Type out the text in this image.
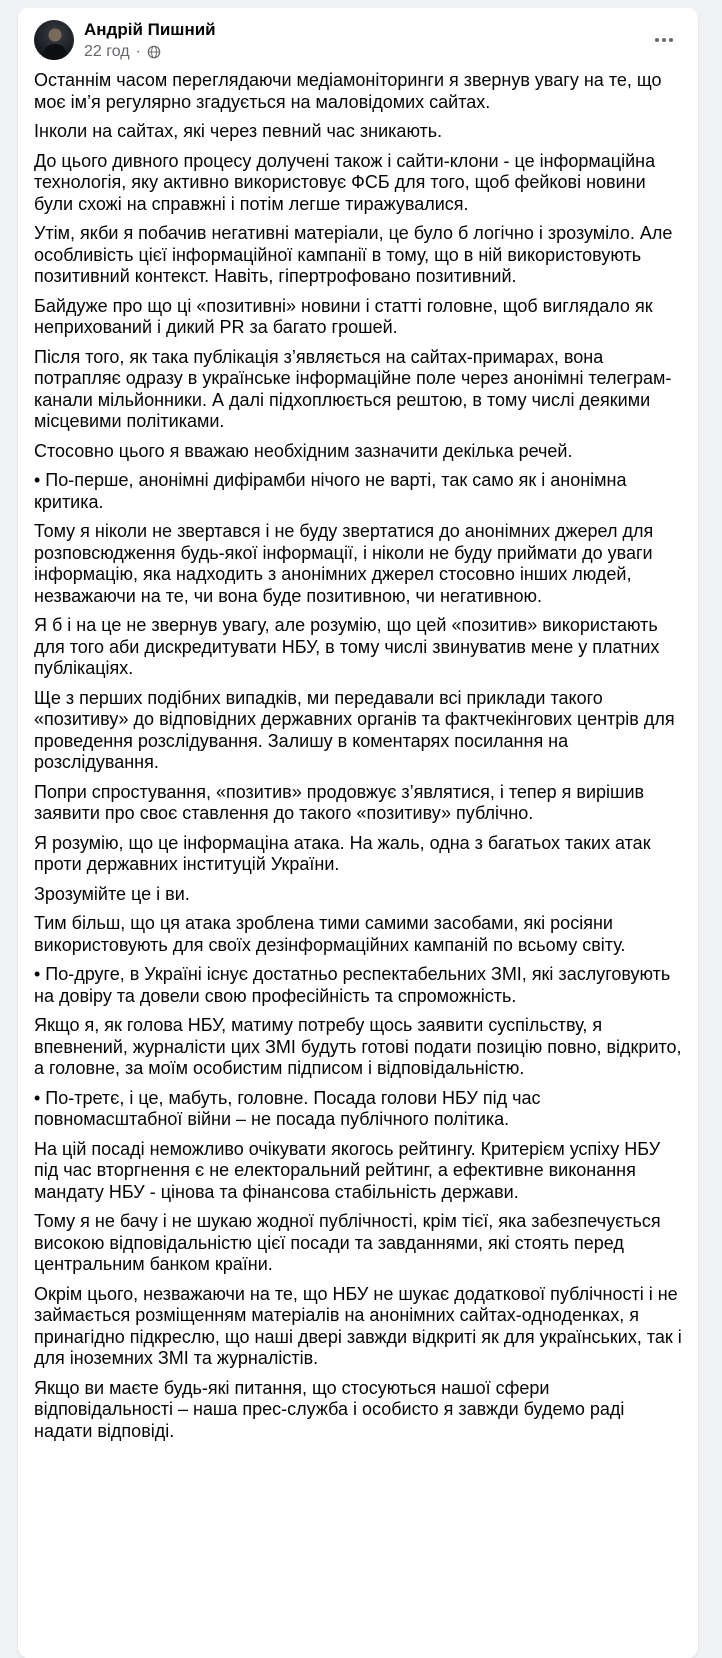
Андрій Пишний
22 год ·

Останнім часом переглядаючи медіамоніторинги я звернув увагу на те, що моє ім’я регулярно згадується на маловідомих сайтах.

Інколи на сайтах, які через певний час зникають.

До цього дивного процесу долучені також і сайти-клони - це інформаційна технологія, яку активно використовує ФСБ для того, щоб фейкові новини були схожі на справжні і потім легше тиражувалися.

Утім, якби я побачив негативні матеріали, це було б логічно і зрозуміло. Але особливість цієї інформаційної кампанії в тому, що в ній використовують позитивний контекст. Навіть, гіпертрофовано позитивний.

Байдуже про що ці «позитивні» новини і статті головне, щоб виглядало як неприхований і дикий PR за багато грошей.

Після того, як така публікація з’являється на сайтах-примарах, вона потрапляє одразу в українське інформаційне поле через анонімні телеграм-канали мільйонники. А далі підхоплюється рештою, в тому числі деякими місцевими політиками.

Стосовно цього я вважаю необхідним зазначити декілька речей.

• По-перше, анонімні дифірамби нічого не варті, так само як і анонімна критика.

Тому я ніколи не звертався і не буду звертатися до анонімних джерел для розповсюдження будь-якої інформації, і ніколи не буду приймати до уваги інформацію, яка надходить з анонімних джерел стосовно інших людей, незважаючи на те, чи вона буде позитивною, чи негативною.

Я б і на це не звернув увагу, але розумію, що цей «позитив» використають для того аби дискредитувати НБУ, в тому числі звинуватив мене у платних публікаціях.

Ще з перших подібних випадків, ми передавали всі приклади такого «позитиву» до відповідних державних органів та фактчекінгових центрів для проведення розслідування. Залишу в коментарях посилання на розслідування.

Попри спростування, «позитив» продовжує з’являтися, і тепер я вирішив заявити про своє ставлення до такого «позитиву» публічно.

Я розумію, що це інформаціна атака. На жаль, одна з багатьох таких атак проти державних інституцій України.

Зрозумійте це і ви.

Тим більш, що ця атака зроблена тими самими засобами, які росіяни використовують для своїх дезінформаційних кампаній по всьому світу.

• По-друге, в Україні існує достатньо респектабельних ЗМІ, які заслуговують на довіру та довели свою професійність та спроможність.

Якщо я, як голова НБУ, матиму потребу щось заявити суспільству, я впевнений, журналісти цих ЗМІ будуть готові подати позицію повно, відкрито, а головне, за моїм особистим підписом і відповідальністю.

• По-третє, і це, мабуть, головне. Посада голови НБУ під час повномасштабної війни – не посада публічного політика.

На цій посаді неможливо очікувати якогось рейтингу. Критерієм успіху НБУ під час вторгнення є не електоральний рейтинг, а ефективне виконання мандату НБУ - цінова та фінансова стабільність держави.

Тому я не бачу і не шукаю жодної публічності, крім тієї, яка забезпечується високою відповідальністю цієї посади та завданнями, які стоять перед центральним банком країни.

Окрім цього, незважаючи на те, що НБУ не шукає додаткової публічності і не займається розміщенням матеріалів на анонімних сайтах-одноденках, я принагідно підкреслю, що наші двері завжди відкриті як для українських, так і для іноземних ЗМІ та журналістів.

Якщо ви маєте будь-які питання, що стосуються нашої сфери відповідальності – наша прес-служба і особисто я завжди будемо раді надати відповіді.
